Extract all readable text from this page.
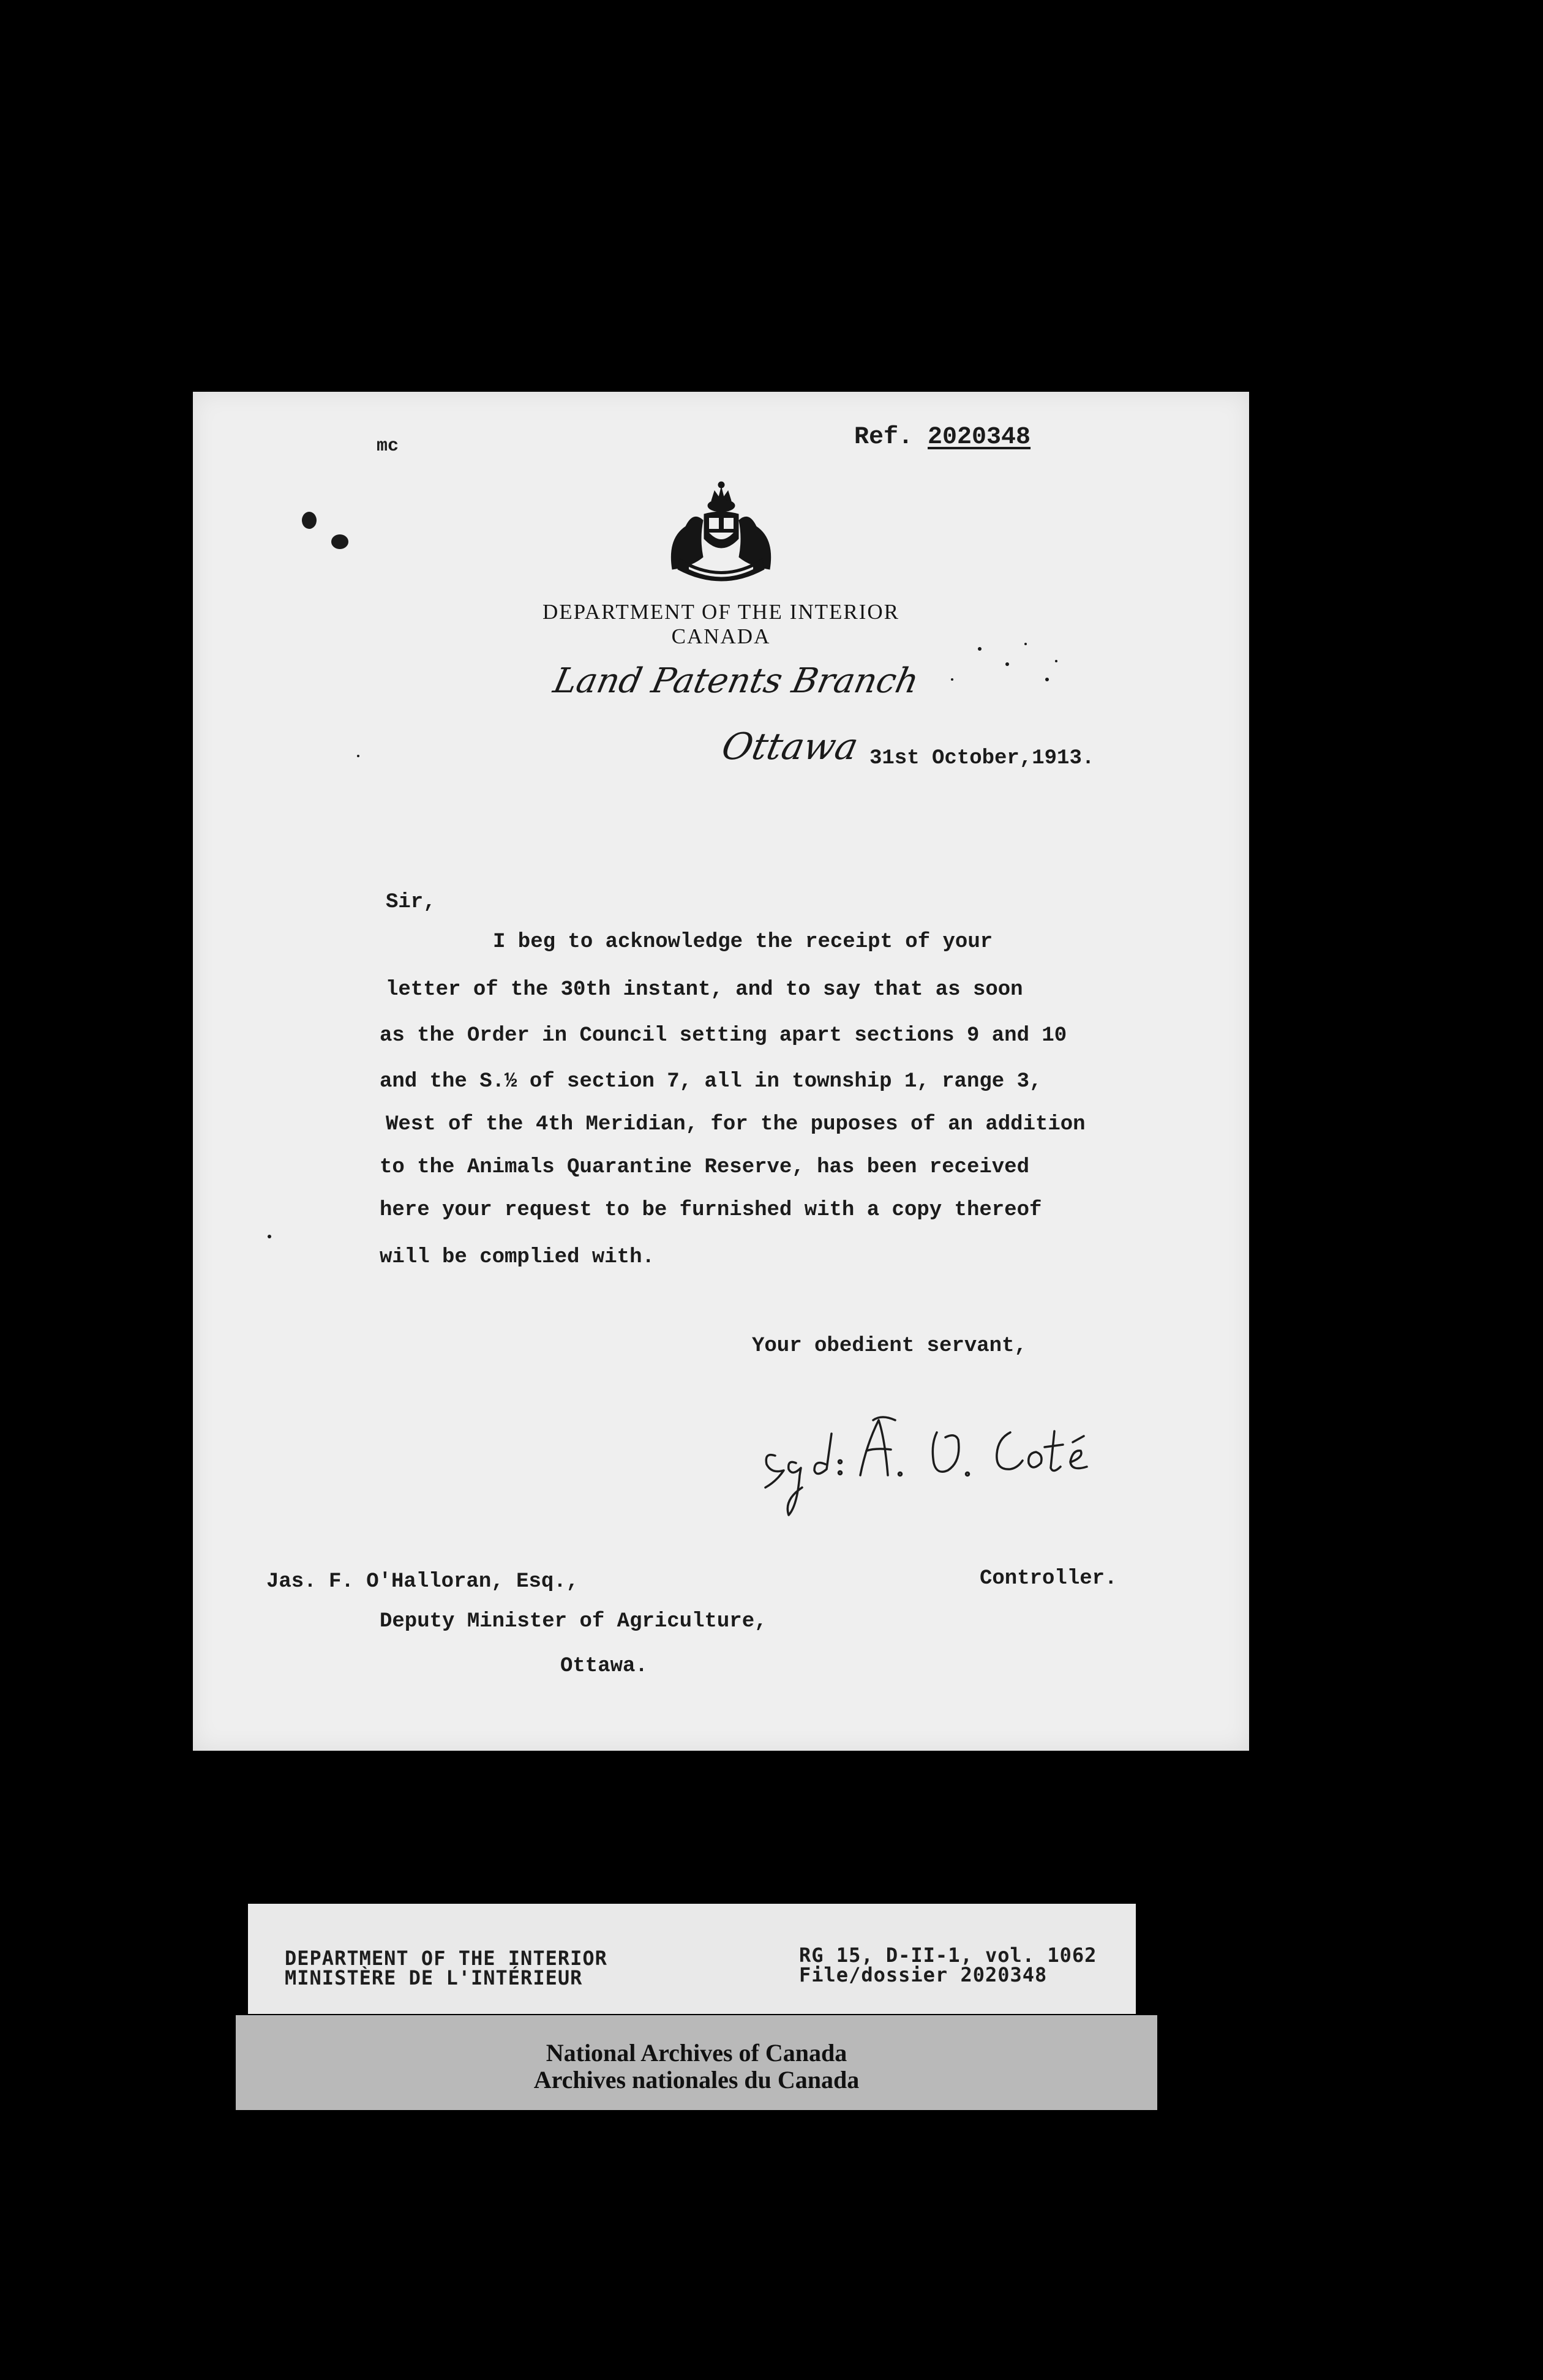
mc	Ref. 2020348
DEPARTMENT OF THE INTERIOR
CANADA
Land Patents Branch
Ottawa 31st October,1913.
Sir,
I beg to acknowledge the receipt of your
letter of the 30th instant, and to say that as soon
as the Order in Council setting apart sections 9 and 10
and the S.½ of section 7, all in township 1, range 3,
West of the 4th Meridian, for the puposes of an addition
to the Animals Quarantine Reserve, has been received
here your request to be furnished with a copy thereof
will be complied with.
Your obedient servant,
Controller.
Jas. F. O'Halloran, Esq.,
Deputy Minister of Agriculture,
Ottawa.
DEPARTMENT OF THE INTERIOR
MINISTÈRE DE L'INTÉRIEUR
RG 15, D-II-1, vol. 1062
File/dossier 2020348
National Archives of Canada
Archives nationales du Canada
